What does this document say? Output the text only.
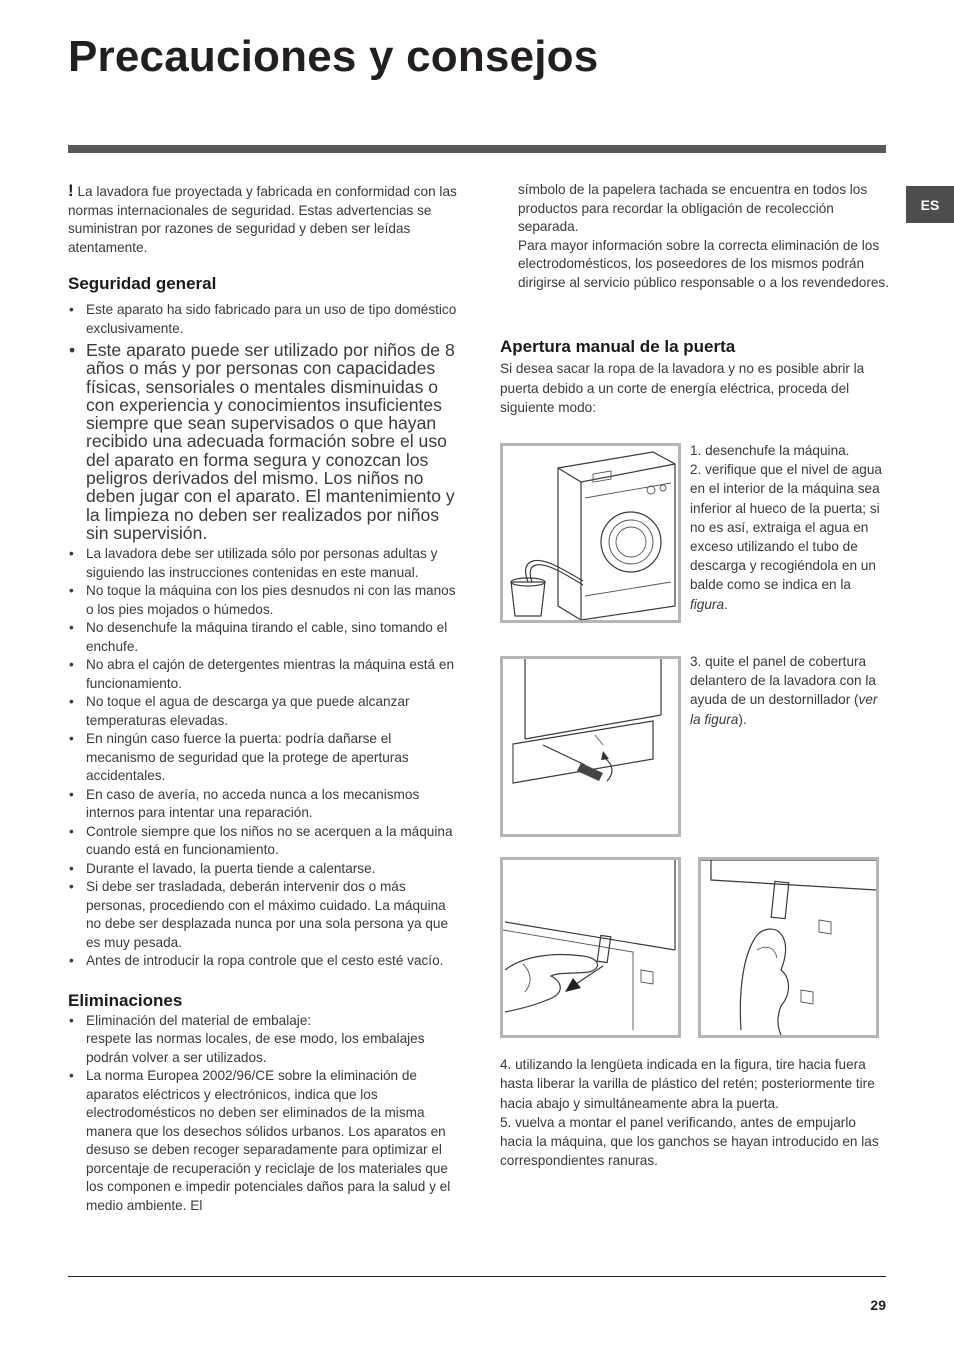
Precauciones y consejos
ES

! La lavadora fue proyectada y fabricada en conformidad con las normas internacionales de seguridad. Estas advertencias se suministran por razones de seguridad y deben ser leídas atentamente.

Seguridad general
• Este aparato ha sido fabricado para un uso de tipo doméstico exclusivamente.
• Este aparato puede ser utilizado por niños de 8 años o más y por personas con capacidades físicas, sensoriales o mentales disminuidas o con experiencia y conocimientos insuficientes siempre que sean supervisados o que hayan recibido una adecuada formación sobre el uso del aparato en forma segura y conozcan los peligros derivados del mismo. Los niños no deben jugar con el aparato. El mantenimiento y la limpieza no deben ser realizados por niños sin supervisión.
• La lavadora debe ser utilizada sólo por personas adultas y siguiendo las instrucciones contenidas en este manual.
• No toque la máquina con los pies desnudos ni con las manos o los pies mojados o húmedos.
• No desenchufe la máquina tirando el cable, sino tomando el enchufe.
• No abra el cajón de detergentes mientras la máquina está en funcionamiento.
• No toque el agua de descarga ya que puede alcanzar temperaturas elevadas.
• En ningún caso fuerce la puerta: podría dañarse el mecanismo de seguridad que la protege de aperturas accidentales.
• En caso de avería, no acceda nunca a los mecanismos internos para intentar una reparación.
• Controle siempre que los niños no se acerquen a la máquina cuando está en funcionamiento.
• Durante el lavado, la puerta tiende a calentarse.
• Si debe ser trasladada, deberán intervenir dos o más personas, procediendo con el máximo cuidado. La máquina no debe ser desplazada nunca por una sola persona ya que es muy pesada.
• Antes de introducir la ropa controle que el cesto esté vacío.
Eliminaciones
• Eliminación del material de embalaje:
respete las normas locales, de ese modo, los embalajes podrán volver a ser utilizados.
• La norma Europea 2002/96/CE sobre la eliminación de aparatos eléctricos y electrónicos, indica que los electrodomésticos no deben ser eliminados de la misma manera que los desechos sólidos urbanos. Los aparatos en desuso se deben recoger separadamente para optimizar el porcentaje de recuperación y reciclaje de los materiales que los componen e impedir potenciales daños para la salud y el medio ambiente. El

símbolo de la papelera tachada se encuentra en todos los productos para recordar la obligación de recolección separada.

Para mayor información sobre la correcta eliminación de los electrodomésticos, los poseedores de los mismos podrán dirigirse al servicio público responsable o a los revendedores.

Apertura manual de la puerta

Si desea sacar la ropa de la lavadora y no es posible abrir la puerta debido a un corte de energía eléctrica, proceda del siguiente modo:

1. desenchufe la máquina.

2. verifique que el nivel de agua en el interior de la máquina sea inferior al hueco de la puerta; si no es así, extraiga el agua en exceso utilizando el tubo de descarga y recogiéndola en un balde como se indica en la figura.

3. quite el panel de cobertura delantero de la lavadora con la ayuda de un destornillador (ver la figura).

4. utilizando la lengüeta indicada en la figura, tire hacia fuera hasta liberar la varilla de plástico del retén; posteriormente tire hacia abajo y simultáneamente abra la puerta.

5. vuelva a montar el panel verificando, antes de empujarlo hacia la máquina, que los ganchos se hayan introducido en las correspondientes ranuras.

29
